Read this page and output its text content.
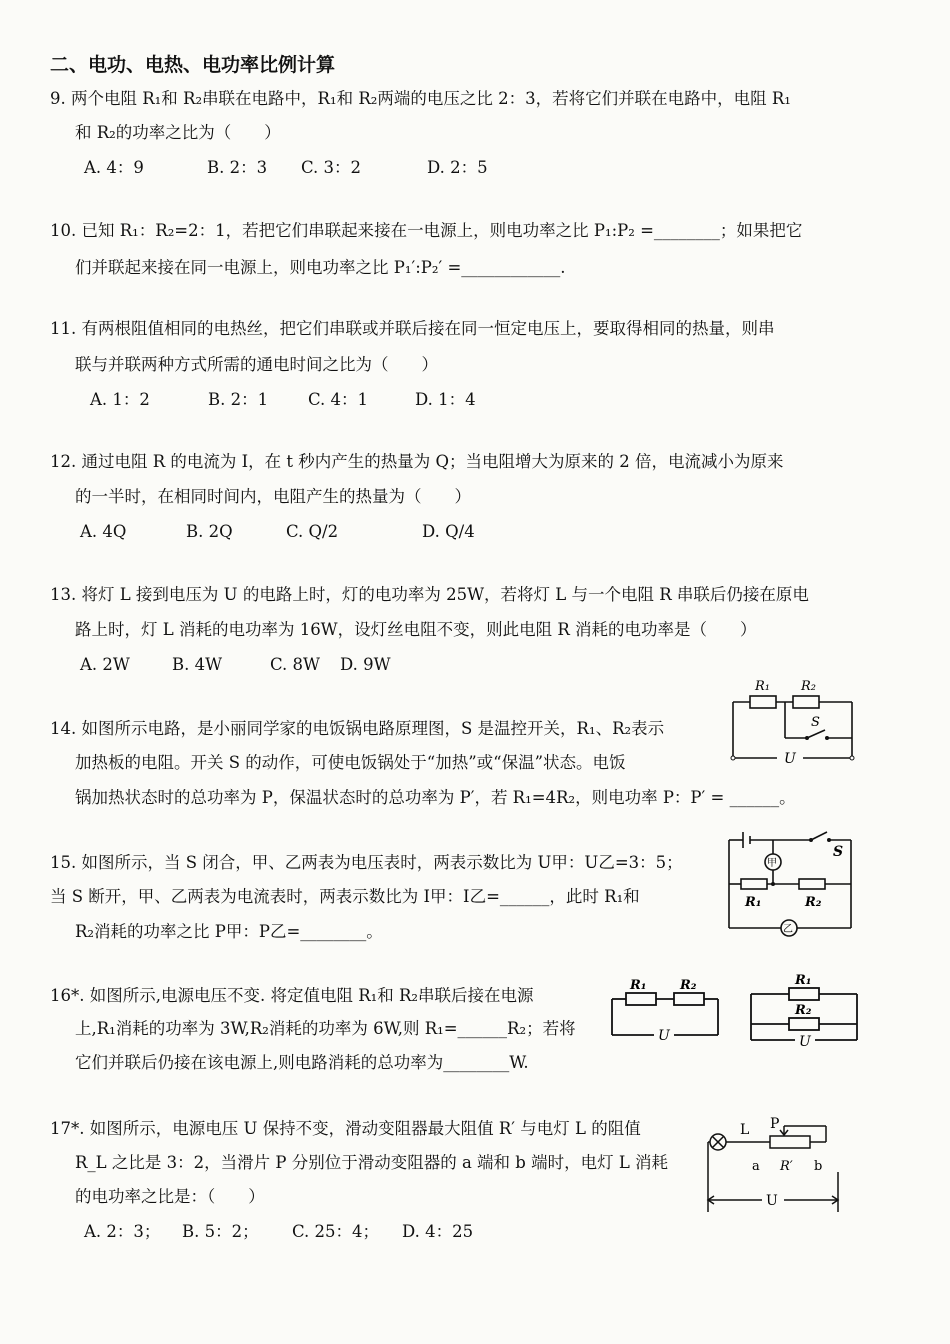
二、电功、电热、电功率比例计算
9. 两个电阻 R₁和 R₂串联在电路中，R₁和 R₂两端的电压之比 2：3，若将它们并联在电路中，电阻 R₁
和 R₂的功率之比为（　　）
A. 4：9	B. 2：3 C. 3：2	D. 2：5
10. 已知 R₁：R₂=2：1，若把它们串联起来接在一电源上，则电功率之比 P₁:P₂ =________；如果把它
们并联起来接在同一电源上，则电功率之比 P₁′:P₂′ =____________.
11. 有两根阻值相同的电热丝，把它们串联或并联后接在同一恒定电压上，要取得相同的热量，则串
联与并联两种方式所需的通电时间之比为（　　）
A. 1：2	B. 2：1 C. 4：1	D. 1：4
12. 通过电阻 R 的电流为 I，在 t 秒内产生的热量为 Q；当电阻增大为原来的 2 倍，电流减小为原来
的一半时，在相同时间内，电阻产生的热量为（　　）
A. 4Q	B. 2Q	C. Q/2	D. Q/4
13. 将灯 L 接到电压为 U 的电路上时，灯的电功率为 25W，若将灯 L 与一个电阻 R 串联后仍接在原电
路上时，灯 L 消耗的电功率为 16W，设灯丝电阻不变，则此电阻 R 消耗的电功率是（　　）
A. 2W	B. 4W	C. 8W D. 9W
14. 如图所示电路，是小丽同学家的电饭锅电路原理图，S 是温控开关，R₁、R₂表示
加热板的电阻。开关 S 的动作，可使电饭锅处于“加热”或“保温”状态。电饭
锅加热状态时的总功率为 P，保温状态时的总功率为 P′，若 R₁=4R₂，则电功率 P：P′ = ______。
R₁ R₂
S
U
15. 如图所示，当 S 闭合，甲、乙两表为电压表时，两表示数比为 U甲：U乙=3：5；
当 S 断开，甲、乙两表为电流表时，两表示数比为 I甲：I乙=______，此时 R₁和
R₂消耗的功率之比 P甲：P乙=________。
甲
乙
S
R₁	R₂
16*. 如图所示,电源电压不变. 将定值电阻 R₁和 R₂串联后接在电源
上,R₁消耗的功率为 3W,R₂消耗的功率为 6W,则 R₁=______R₂；若将
它们并联后仍接在该电源上,则电路消耗的总功率为________W.
R₁	R₂
U
R₁
R₂
U
17*. 如图所示，电源电压 U 保持不变，滑动变阻器最大阻值 R′ 与电灯 L 的阻值
R_L 之比是 3：2，当滑片 P 分别位于滑动变阻器的 a 端和 b 端时，电灯 L 消耗
的电功率之比是：（　　）
A. 2：3； B. 5：2； C. 25：4； D. 4：25
L P
a R′ b
U
